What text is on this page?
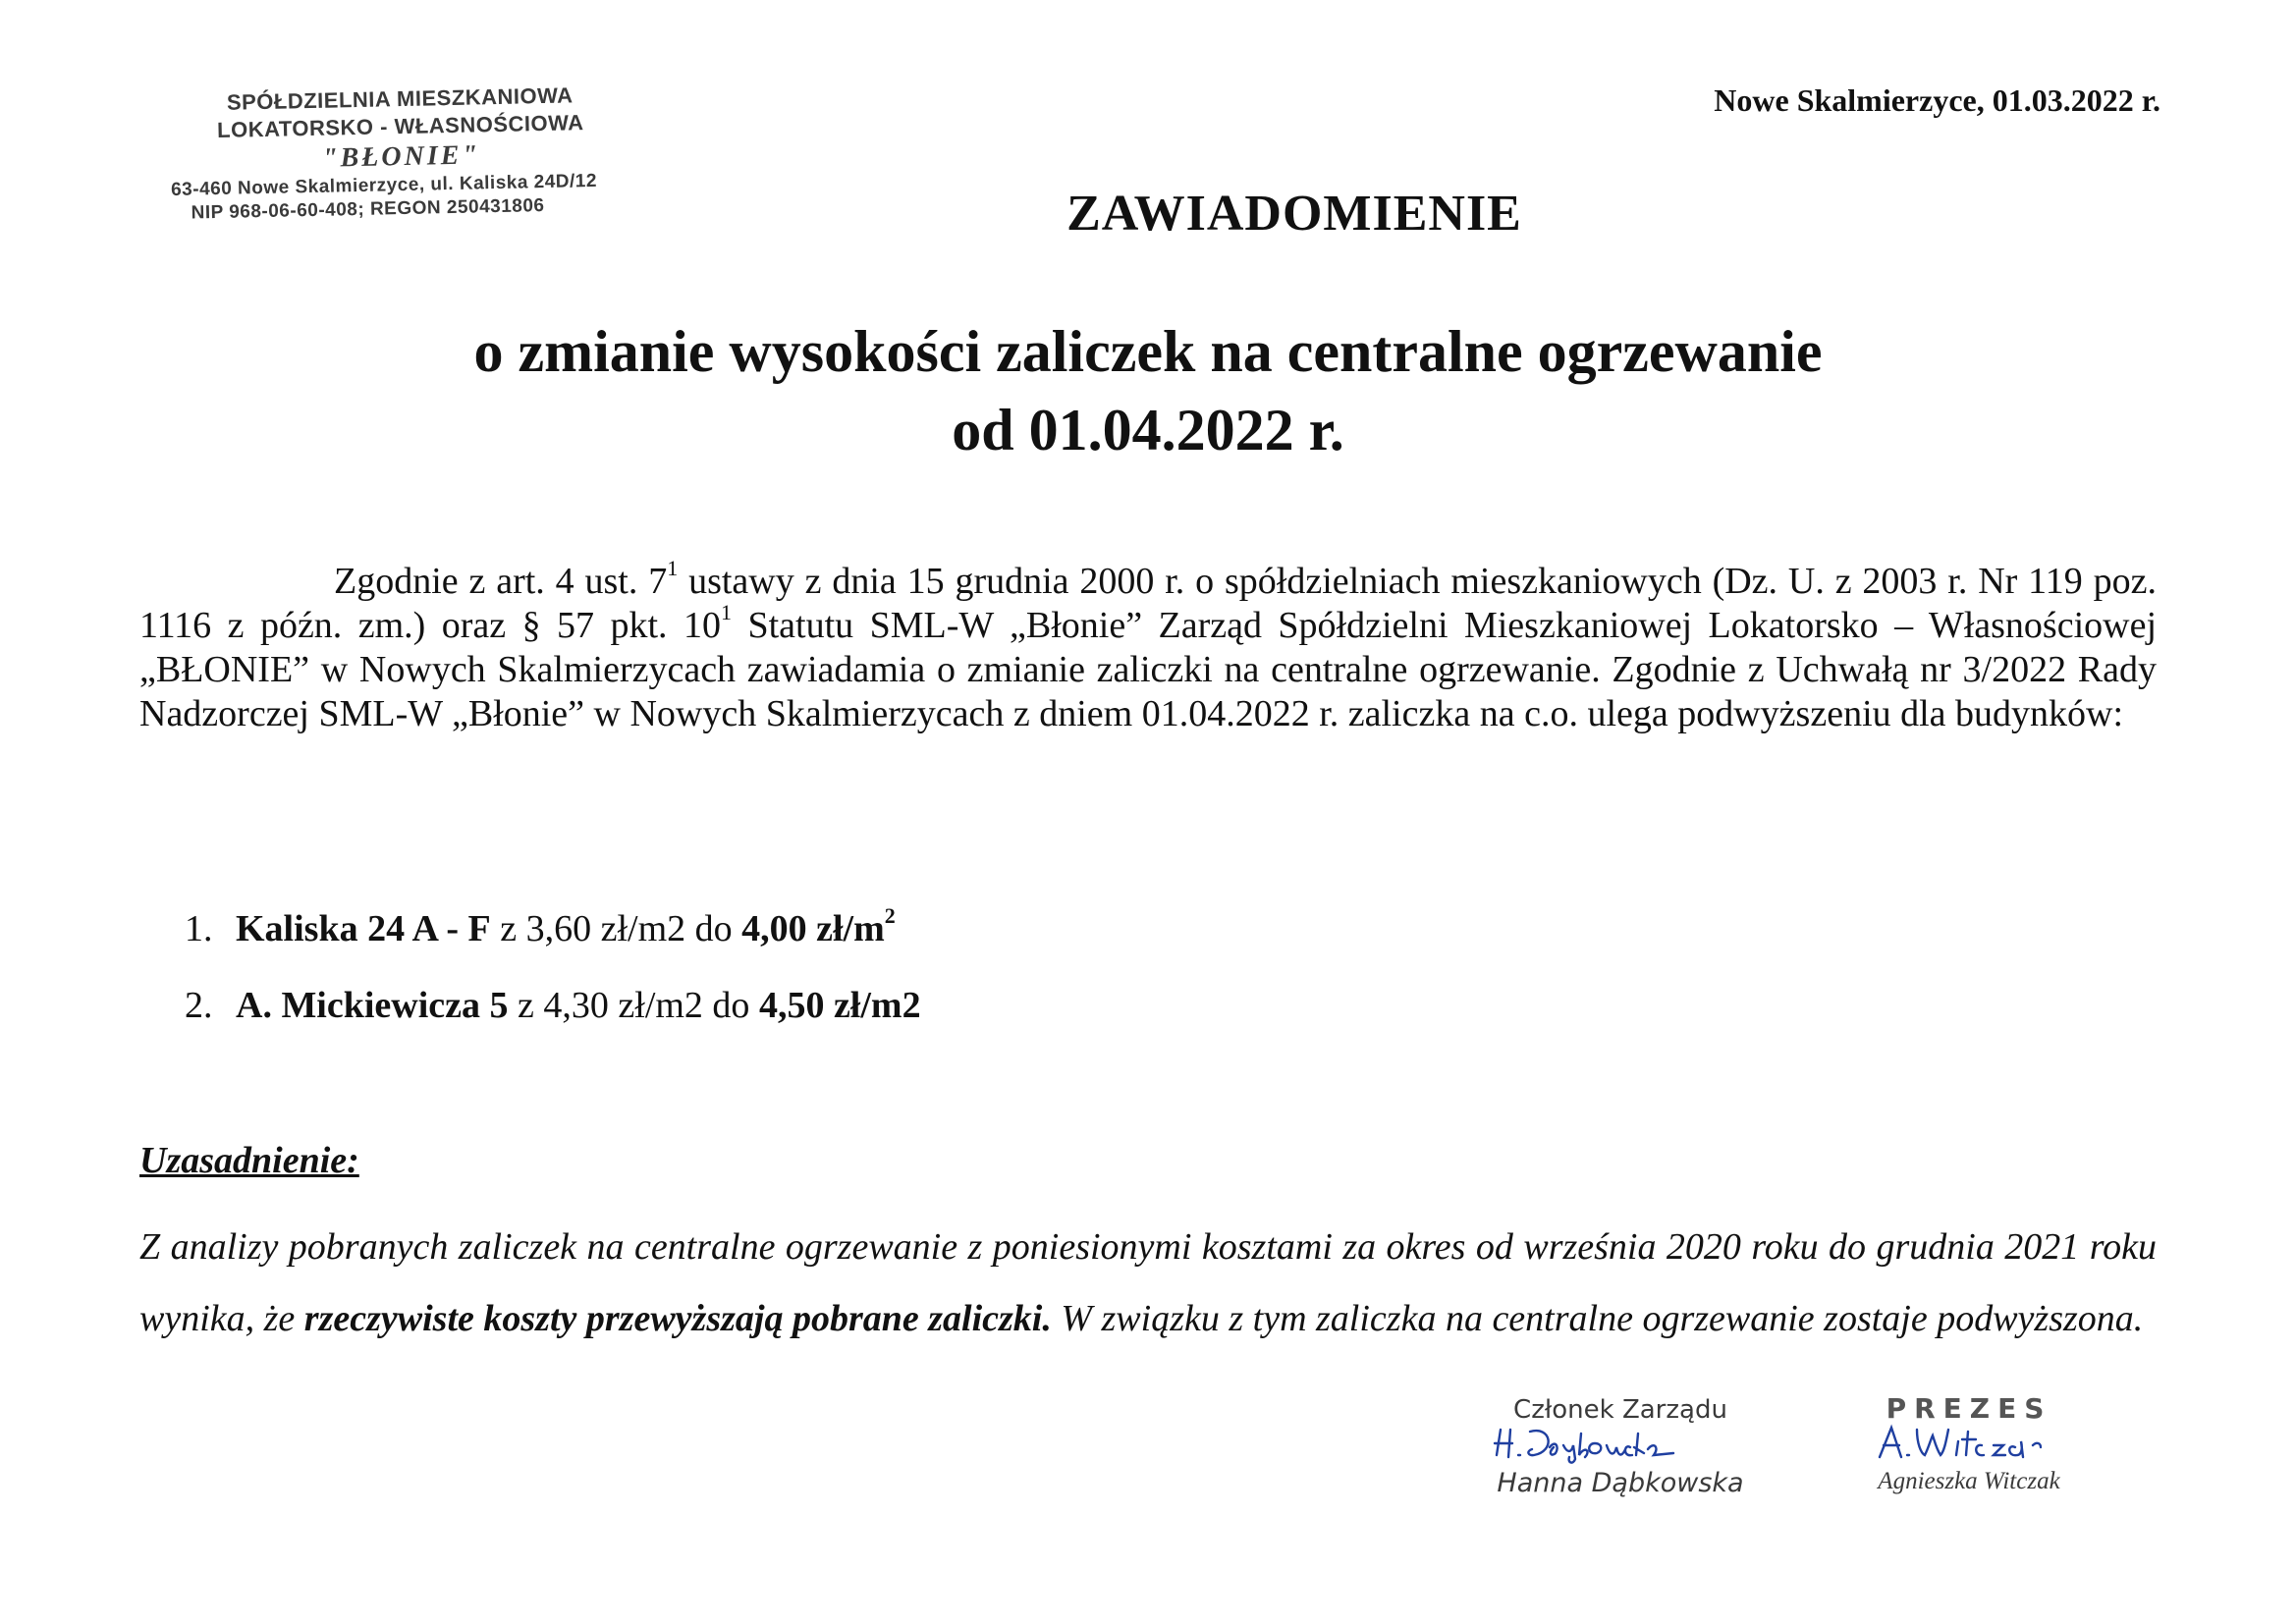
SPÓŁDZIELNIA MIESZKANIOWA
LOKATORSKO - WŁASNOŚCIOWA
"BŁONIE"
63-460 Nowe Skalmierzyce, ul. Kaliska 24D/12
NIP 968-06-60-408; REGON 250431806
Nowe Skalmierzyce, 01.03.2022 r.
ZAWIADOMIENIE
o zmianie wysokości zaliczek na centralne ogrzewanie
od 01.04.2022 r.
Zgodnie z art. 4 ust. $7^1$ ustawy z dnia 15 grudnia 2000 r. o spółdzielniach mieszkaniowych (Dz. U. z 2003 r. Nr 119 poz. 1116 z późn. zm.) oraz § 57 pkt. $10^1$ Statutu SML-W „Błonie” Zarząd Spółdzielni Mieszkaniowej Lokatorsko – Własnościowej „BŁONIE” w Nowych Skalmierzycach zawiadamia o zmianie zaliczki na centralne ogrzewanie. Zgodnie z Uchwałą nr 3/2022 Rady Nadzorczej SML-W „Błonie” w Nowych Skalmierzycach z dniem 01.04.2022 r. zaliczka na c.o. ulega podwyższeniu dla budynków:
1. Kaliska 24 A - F z 3,60 zł/m2 do 4,00 $zł/m^2$
2. A. Mickiewicza 5 z 4,30 zł/m2 do 4,50 zł/m2
Uzasadnienie:
Z analizy pobranych zaliczek na centralne ogrzewanie z poniesionymi kosztami za okres od września 2020 roku do grudnia 2021 roku wynika, że rzeczywiste koszty przewyższają pobrane zaliczki. W związku z tym zaliczka na centralne ogrzewanie zostaje podwyższona.
Członek Zarządu
Hanna Dąbkowska
PREZES
Agnieszka Witczak
